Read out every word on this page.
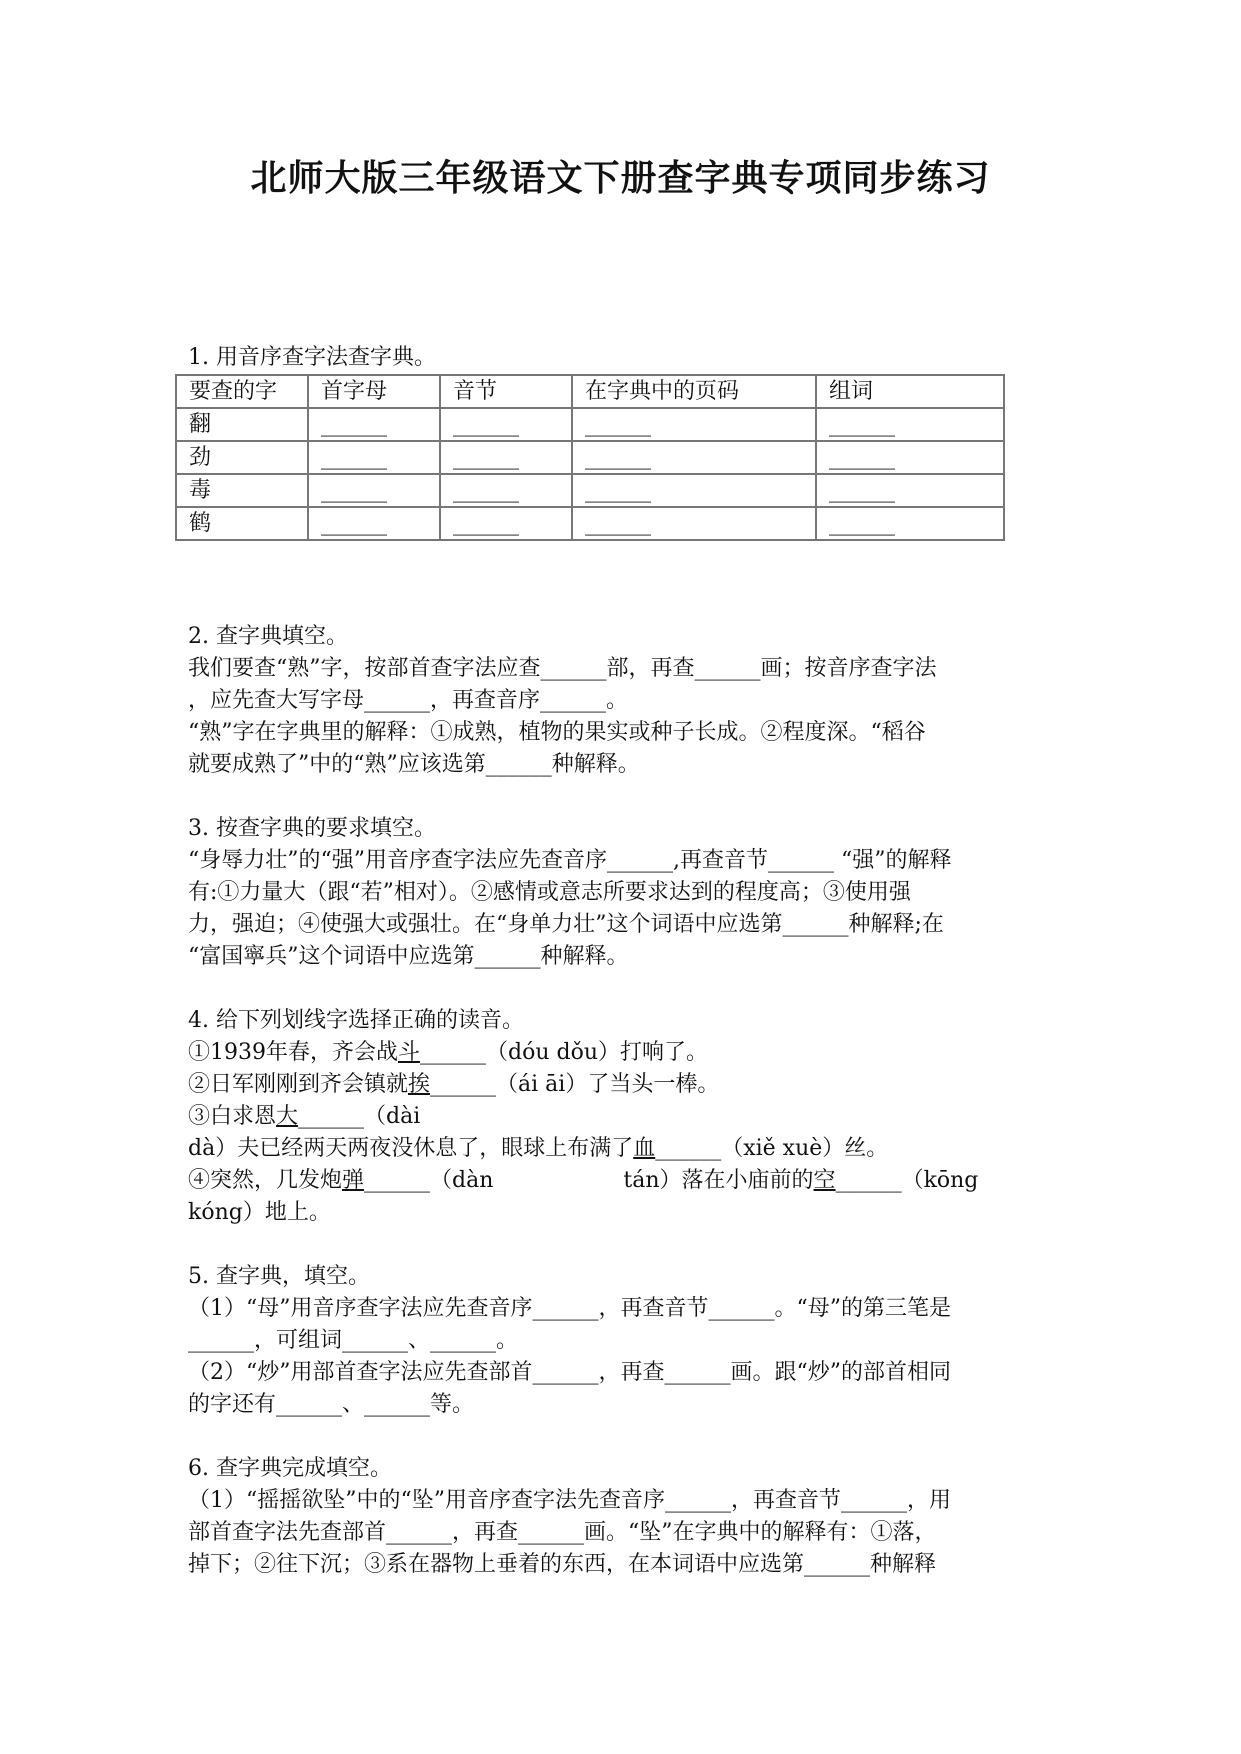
北师大版三年级语文下册查字典专项同步练习

1. 用音序查字法查字典。

要查的字	首字母	音节	在字典中的页码	组词
翻	______	______	______	______
劲	______	______	______	______
毒	______	______	______	______
鹤	______	______	______	______

2. 查字典填空。

我们要查“熟”字，按部首查字法应查______部，再查______画；按音序查字法

，应先查大写字母______，再查音序______。

“熟”字在字典里的解释：①成熟，植物的果实或种子长成。②程度深。“稻谷

就要成熟了”中的“熟”应该选第______种解释。

3. 按查字典的要求填空。

“身辱力壮”的“强”用音序查字法应先查音序______,再查音节______ “强”的解释

有:①力量大（跟“若”相对）。②感情或意志所要求达到的程度高；③使用强

力，强迫；④使强大或强壮。在“身单力壮”这个词语中应选第______种解释;在

“富国寧兵”这个词语中应选第______种解释。

4. 给下列划线字选择正确的读音。

①1939年春，齐会战斗______（dóu dǒu）打响了。

②日军刚刚到齐会镇就挨______（ái āi）了当头一棒。

③白求恩大______（dài

dà）夫已经两天两夜没休息了，眼球上布满了血______（xiě xuè）丝。

④突然，几发炮弹______（dàn	tán）落在小庙前的空______（kōng

kóng）地上。

5. 查字典，填空。

（1）“母”用音序查字法应先查音序______，再查音节______。“母”的第三笔是

______，可组词______、______。

（2）“炒”用部首查字法应先查部首______，再查______画。跟“炒”的部首相同

的字还有______、______等。

6. 查字典完成填空。

（1）“摇摇欲坠”中的“坠”用音序查字法先查音序______，再查音节______，用

部首查字法先查部首______，再查______画。“坠”在字典中的解释有：①落，

掉下；②往下沉；③系在器物上垂着的东西，在本词语中应选第______种解释
